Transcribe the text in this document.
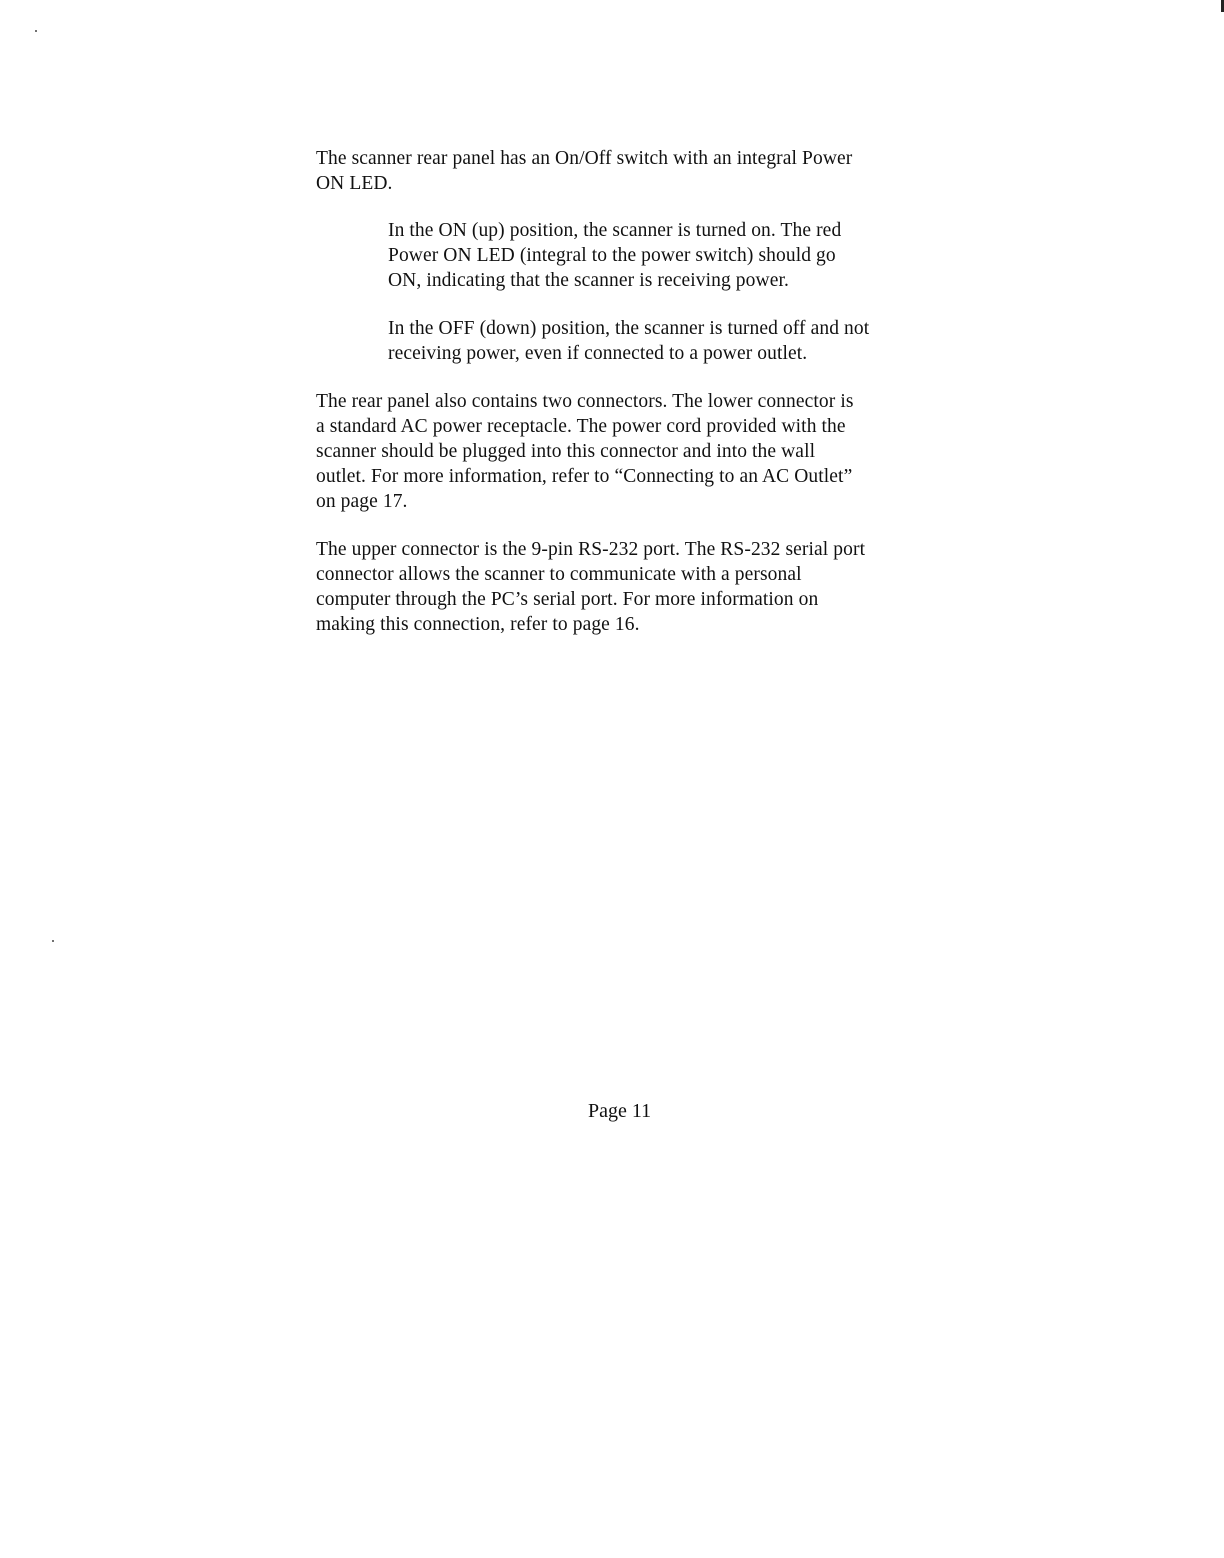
The scanner rear panel has an On/Off switch with an integral Power
ON LED.
In the ON (up) position, the scanner is turned on. The red
Power ON LED (integral to the power switch) should go
ON, indicating that the scanner is receiving power.
In the OFF (down) position, the scanner is turned off and not
receiving power, even if connected to a power outlet.
The rear panel also contains two connectors. The lower connector is
a standard AC power receptacle. The power cord provided with the
scanner should be plugged into this connector and into the wall
outlet. For more information, refer to “Connecting to an AC Outlet”
on page 17.
The upper connector is the 9-pin RS-232 port. The RS-232 serial port
connector allows the scanner to communicate with a personal
computer through the PC’s serial port. For more information on
making this connection, refer to page 16.
Page 11
